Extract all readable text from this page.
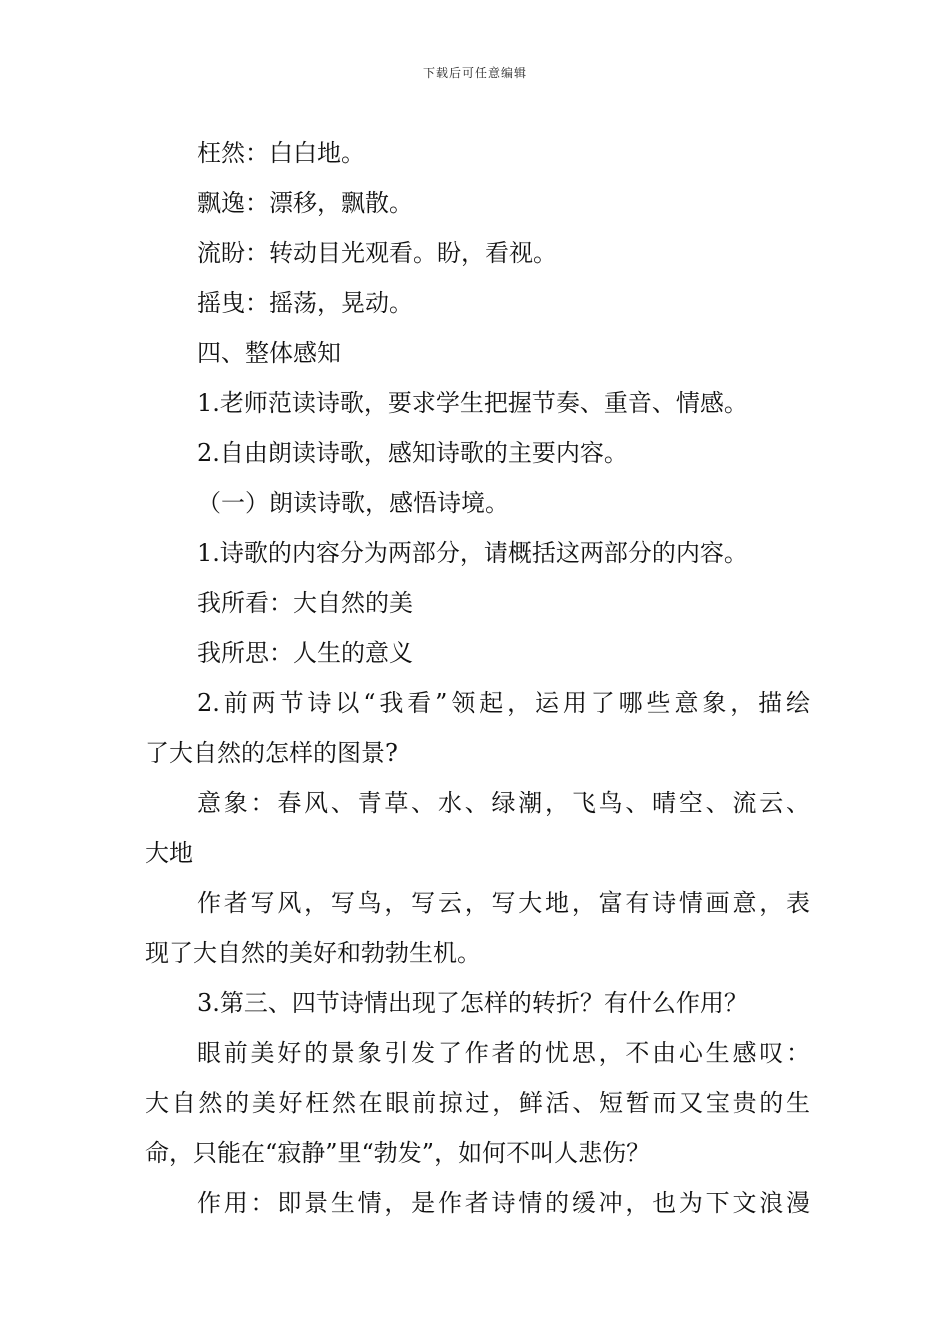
下载后可任意编辑
枉然：白白地。
飘逸：漂移，飘散。
流盼：转动目光观看。盼，看视。
摇曳：摇荡，晃动。
四、整体感知
1.老师范读诗歌，要求学生把握节奏、重音、情感。
2.自由朗读诗歌，感知诗歌的主要内容。
（一）朗读诗歌，感悟诗境。
1.诗歌的内容分为两部分，请概括这两部分的内容。
我所看：大自然的美
我所思：人生的意义
2.前两节诗以“我看”领起，运用了哪些意象，描绘
了大自然的怎样的图景?
意象：春风、青草、水、绿潮，飞鸟、晴空、流云、
大地
作者写风，写鸟，写云，写大地，富有诗情画意，表
现了大自然的美好和勃勃生机。
3.第三、四节诗情出现了怎样的转折？有什么作用？
眼前美好的景象引发了作者的忧思，不由心生感叹：
大自然的美好枉然在眼前掠过，鲜活、短暂而又宝贵的生
命，只能在“寂静”里“勃发”，如何不叫人悲伤？
作用：即景生情，是作者诗情的缓冲，也为下文浪漫
